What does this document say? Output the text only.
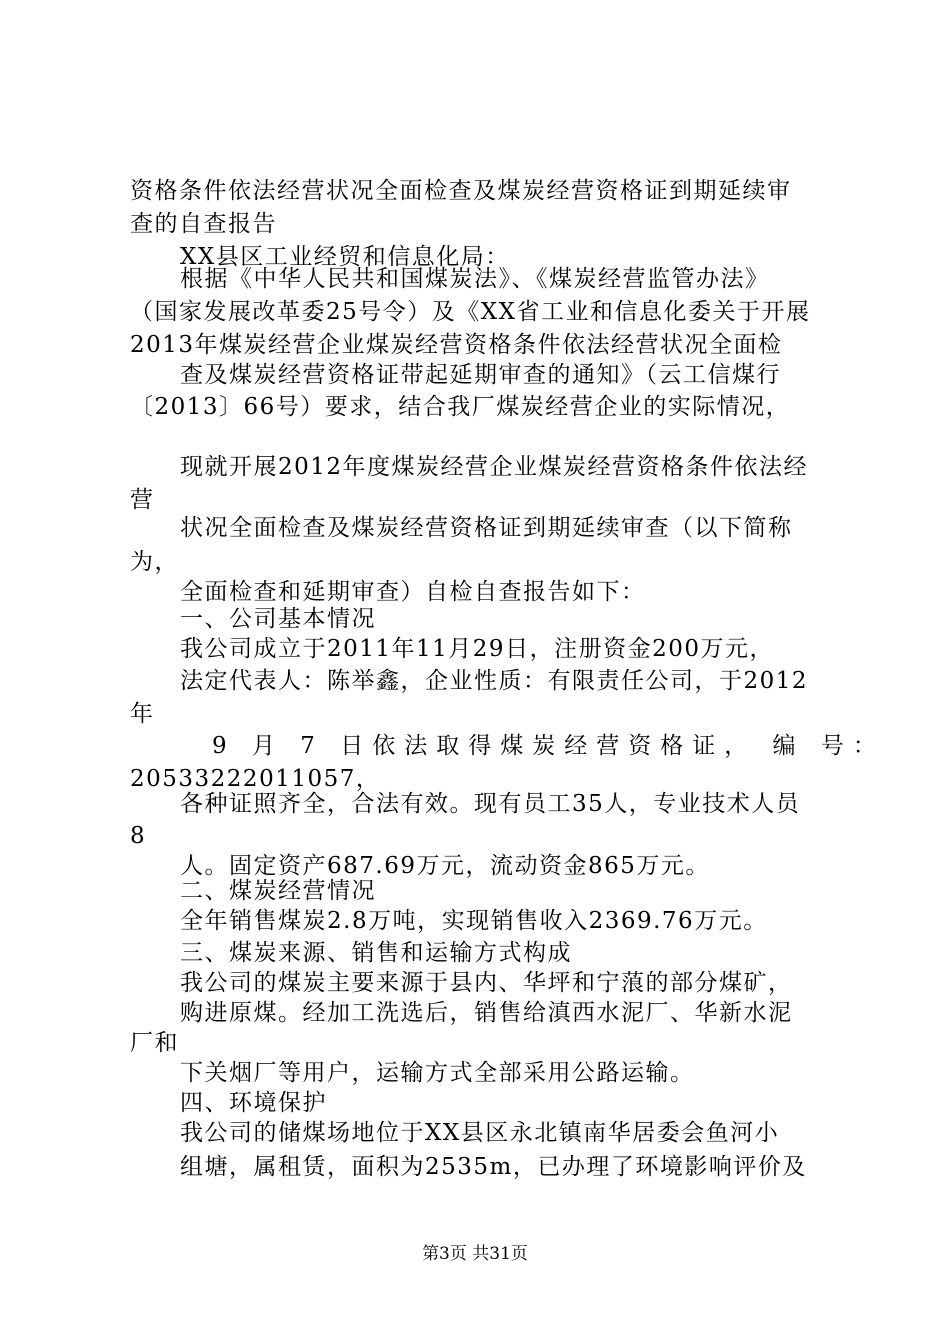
资格条件依法经营状况全面检查及煤炭经营资格证到期延续审
查的自查报告
XX县区工业经贸和信息化局：
根据《中华人民共和国煤炭法》、《煤炭经营监管办法》
（国家发展改革委25号令）及《XX省工业和信息化委关于开展
2013年煤炭经营企业煤炭经营资格条件依法经营状况全面检
查及煤炭经营资格证带起延期审查的通知》（云工信煤行
〔2013〕66号）要求，结合我厂煤炭经营企业的实际情况，
现就开展2012年度煤炭经营企业煤炭经营资格条件依法经
营
状况全面检查及煤炭经营资格证到期延续审查（以下简称
为，
全面检查和延期审查）自检自查报告如下：
一、公司基本情况
我公司成立于2011年11月29日，注册资金200万元，
法定代表人：陈举鑫，企业性质：有限责任公司，于2012
年
9 月 7 日依法取得煤炭经营资格证， 编 号：
20533222011057，
各种证照齐全，合法有效。现有员工35人，专业技术人员
8
人。固定资产687.69万元，流动资金865万元。
二、煤炭经营情况
全年销售煤炭2.8万吨，实现销售收入2369.76万元。
三、煤炭来源、销售和运输方式构成
我公司的煤炭主要来源于县内、华坪和宁蒗的部分煤矿，
购进原煤。经加工洗选后，销售给滇西水泥厂、华新水泥
厂和
下关烟厂等用户，运输方式全部采用公路运输。
四、环境保护
我公司的储煤场地位于XX县区永北镇南华居委会鱼河小
组塘，属租赁，面积为2535m，已办理了环境影响评价及
第3页 共31页
